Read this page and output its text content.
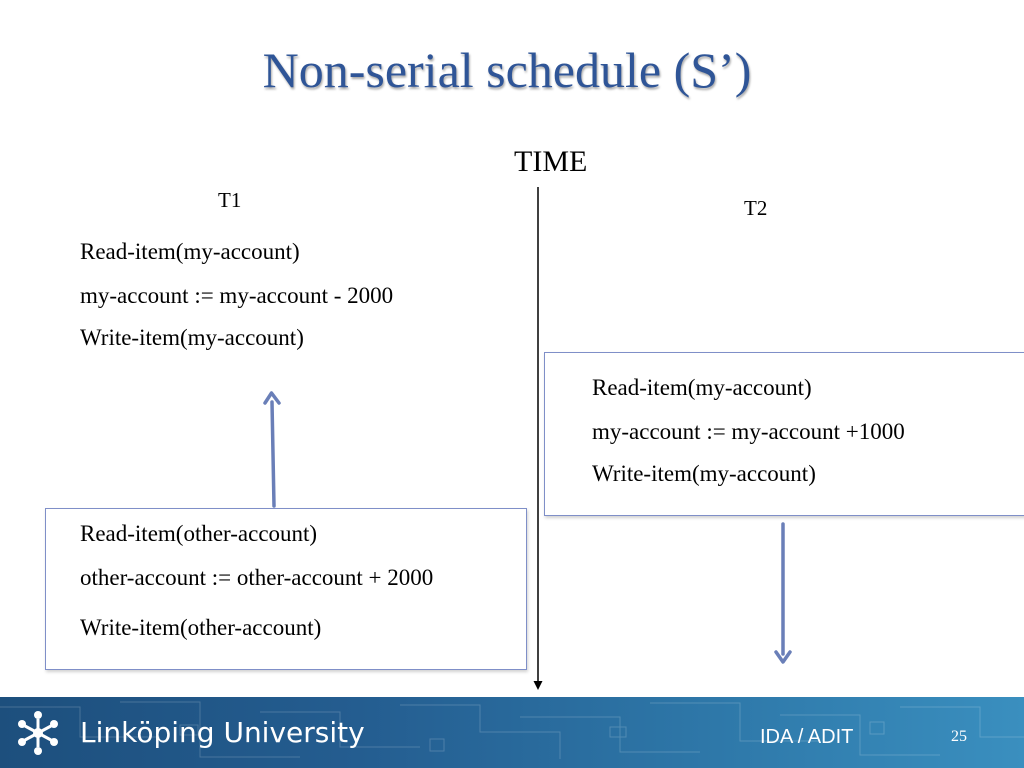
Non-serial schedule (S’)
TIME
T1	T2
Read-item(my-account)
my-account := my-account - 2000
Write-item(my-account)
Read-item(my-account)
my-account := my-account +1000
Write-item(my-account)
Read-item(other-account)
other-account := other-account + 2000
Write-item(other-account)
Linköping University	IDA / ADIT	25
